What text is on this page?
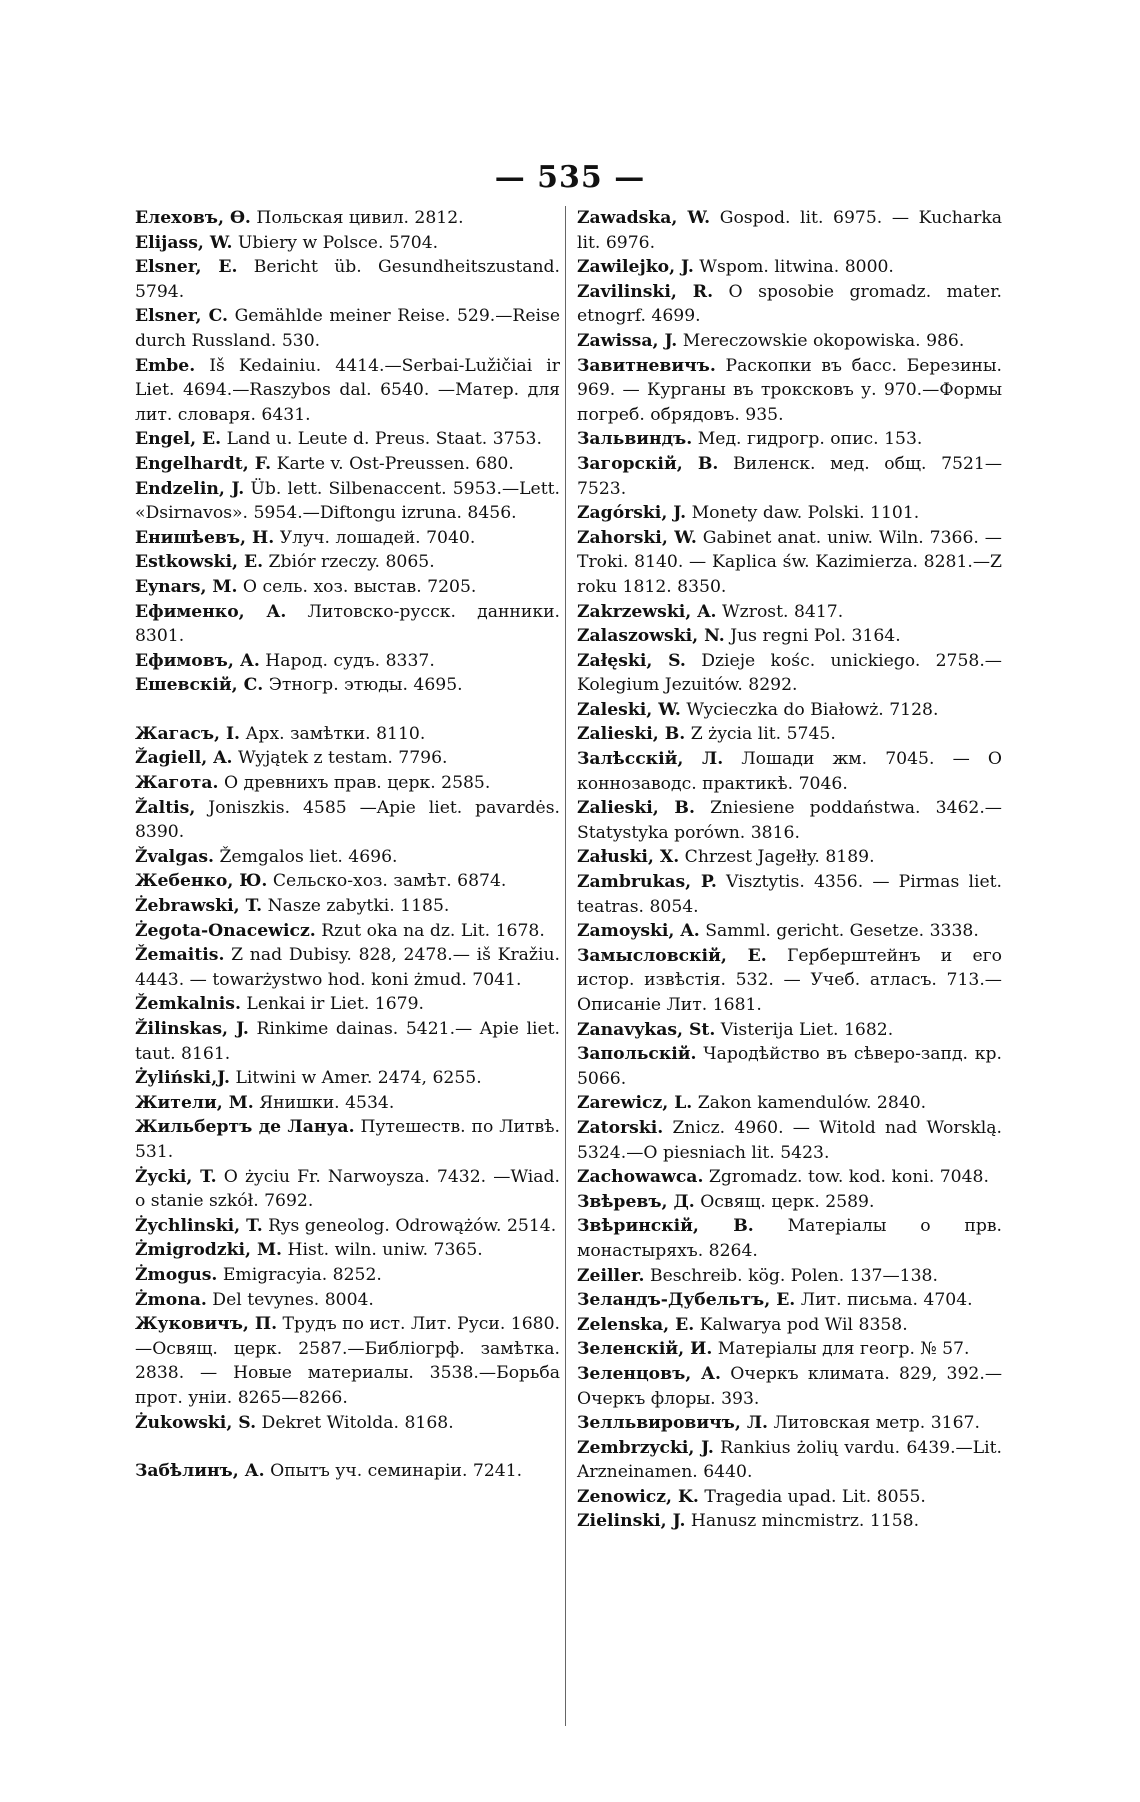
— 535 —

Елеховъ, Ѳ. Польская цивил. 2812.

Elijass, W. Ubiery w Polsce. 5704.

Elsner, E. Bericht üb. Gesundheitszustand. 5794.

Elsner, C. Gemählde meiner Reise. 529.—Reise durch Russland. 530.

Embe. Iš Kedainiu. 4414.—Serbai-Lužičiai ir Liet. 4694.—Raszybos dal. 6540. —Матер. для лит. словаря. 6431.

Engel, E. Land u. Leute d. Preus. Staat. 3753.

Engelhardt, F. Karte v. Ost-Preussen. 680.

Endzelin, J. Üb. lett. Silbenaccent. 5953.—Lett. «Dsirnavos». 5954.—Diftongu izruna. 8456.

Енишѣевъ, Н. Улуч. лошадей. 7040.

Estkowski, E. Zbiór rzeczy. 8065.

Eynars, M. О сель. хоз. выстав. 7205.

Ефименко, А. Литовско-русск. данники. 8301.

Ефимовъ, А. Народ. судъ. 8337.

Ешевскій, С. Этногр. этюды. 4695.

Жагасъ, I. Арх. замѣтки. 8110.

Žagiell, A. Wyjątek z testam. 7796.

Жагота. О древнихъ прав. церк. 2585.

Žaltis, Joniszkis. 4585 —Apie liet. pavardės. 8390.

Žvalgas. Žemgalos liet. 4696.

Жебенко, Ю. Сельско-хоз. замѣт. 6874.

Żebrawski, T. Nasze zabytki. 1185.

Żegota-Onacewicz. Rzut oka na dz. Lit. 1678.

Žemaitis. Z nad Dubisy. 828, 2478.— iš Kražiu. 4443. — towarżystwo hod. koni żmud. 7041.

Žemkalnis. Lenkai ir Liet. 1679.

Žilinskas, J. Rinkime dainas. 5421.— Apie liet. taut. 8161.

Żyliński,J. Litwini w Amer. 2474, 6255.

Жители, М. Янишки. 4534.

Жильбертъ де Лануа. Путешеств. по Литвѣ. 531.

Życki, T. O życiu Fr. Narwoysza. 7432. —Wiad. o stanie szkół. 7692.

Żychlinski, T. Rys geneolog. Odrowążów. 2514.

Żmigrodzki, M. Hist. wiln. uniw. 7365.

Żmogus. Emigracyia. 8252.

Żmona. Del tevynes. 8004.

Жуковичъ, П. Трудъ по ист. Лит. Руси. 1680.—Освящ. церк. 2587.—Библіогрф. замѣтка. 2838. — Новые материалы. 3538.—Борьба прот. уніи. 8265—8266.

Żukowski, S. Dekret Witolda. 8168.

Забѣлинъ, А. Опытъ уч. семинаріи. 7241.

Zawadska, W. Gospod. lit. 6975. — Kucharka lit. 6976.

Zawilejko, J. Wspom. litwina. 8000.

Zavilinski, R. O sposobie gromadz. mater. etnogrf. 4699.

Zawissa, J. Mereczowskie okopowiska. 986.

Завитневичъ. Раскопки въ басс. Березины. 969. — Курганы въ троксковъ у. 970.—Формы погреб. обрядовъ. 935.

Зальвиндъ. Мед. гидрогр. опис. 153.

Загорскій, В. Виленск. мед. общ. 7521—7523.

Zagórski, J. Monety daw. Polski. 1101.

Zahorski, W. Gabinet anat. uniw. Wiln. 7366. — Troki. 8140. — Kaplica św. Kazimierza. 8281.—Z roku 1812. 8350.

Zakrzewski, A. Wzrost. 8417.

Zalaszowski, N. Jus regni Pol. 3164.

Załęski, S. Dzieje kośc. unickiego. 2758.—Kolegium Jezuitów. 8292.

Zaleski, W. Wycieczka do Białowż. 7128.

Zalieski, B. Z życia lit. 5745.

Залѣсскій, Л. Лошади жм. 7045. — О коннозаводс. практикѣ. 7046.

Zalieski, B. Zniesiene poddaństwa. 3462.—Statystyka porówn. 3816.

Załuski, X. Chrzest Jagełły. 8189.

Zambrukas, P. Visztytis. 4356. — Pirmas liet. teatras. 8054.

Zamoyski, A. Samml. gericht. Gesetze. 3338.

Замысловскій, Е. Герберштейнъ и его истор. извѣстія. 532. — Учеб. атласъ. 713.—Описаніе Лит. 1681.

Zanavykas, St. Visterija Liet. 1682.

Запольскій. Чародѣйство въ сѣверо-запд. кр. 5066.

Zarewicz, L. Zakon kamendulów. 2840.

Zatorski. Znicz. 4960. — Witold nad Worsklą. 5324.—O piesniach lit. 5423.

Zachowawca. Zgromadz. tow. kod. koni. 7048.

Звѣревъ, Д. Освящ. церк. 2589.

Звѣринскій, В. Матеріалы о прв. монастыряхъ. 8264.

Zeiller. Beschreib. kög. Polen. 137—138.

Зеландъ-Дубельтъ, Е. Лит. письма. 4704.

Zelenska, E. Kalwarya pod Wil 8358.

Зеленскій, И. Матеріалы для геогр. № 57.

Зеленцовъ, А. Очеркъ климата. 829, 392.—Очеркъ флоры. 393.

Зелльвировичъ, Л. Литовская метр. 3167.

Zembrzycki, J. Rankius żolių vardu. 6439.—Lit. Arzneinamen. 6440.

Zenowicz, K. Tragedia upad. Lit. 8055.

Zielinski, J. Hanusz mincmistrz. 1158.
